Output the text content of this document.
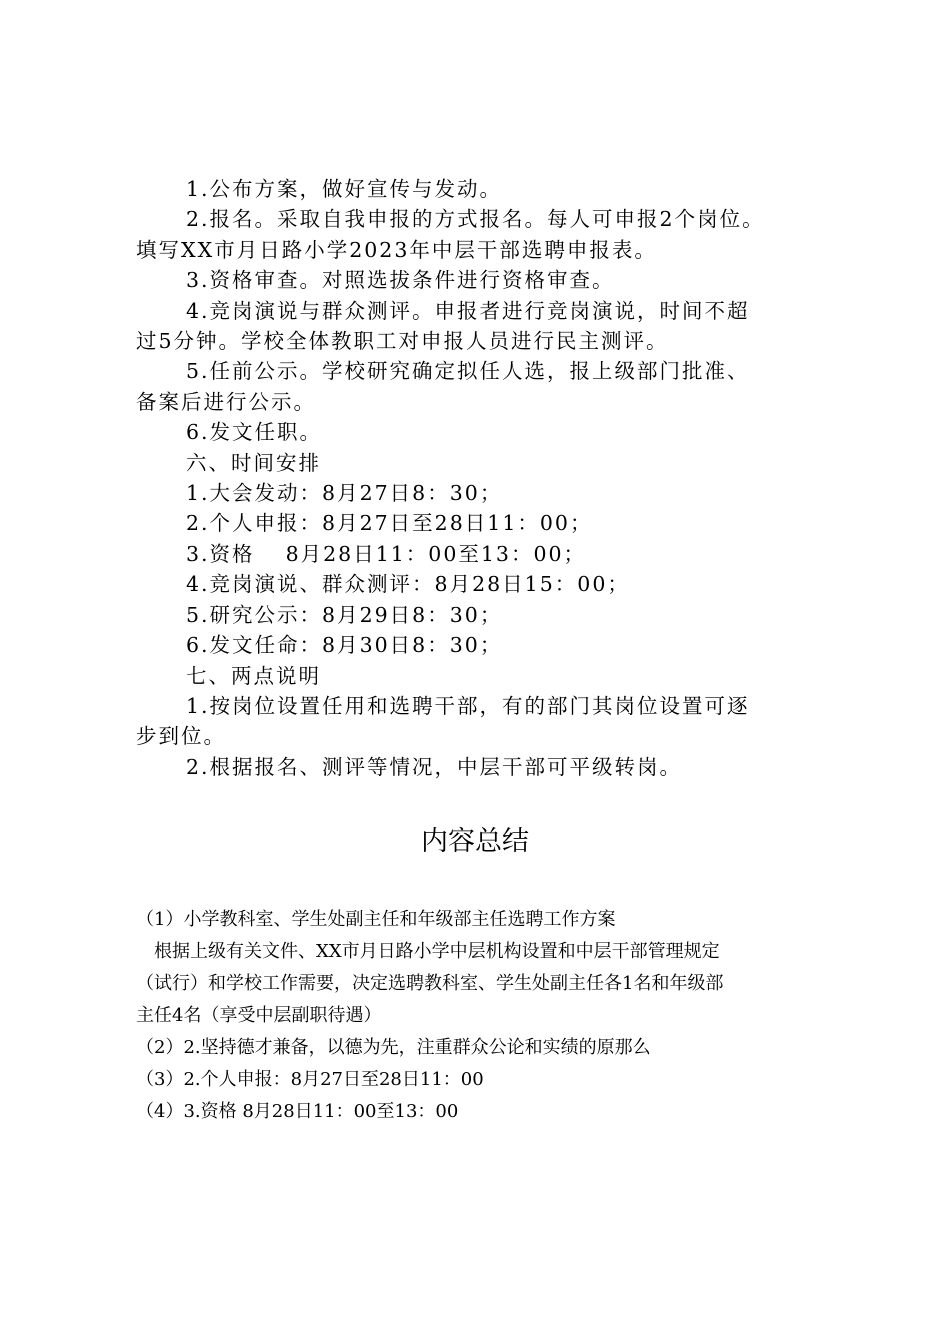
1.公布方案，做好宣传与发动。

2.报名。采取自我申报的方式报名。每人可申报2个岗位。

填写XX市月日路小学2023年中层干部选聘申报表。

3.资格审查。对照选拔条件进行资格审查。

4.竞岗演说与群众测评。申报者进行竞岗演说，时间不超

过5分钟。学校全体教职工对申报人员进行民主测评。

5.任前公示。学校研究确定拟任人选，报上级部门批准、

备案后进行公示。

6.发文任职。

六、时间安排

1.大会发动：8月27日8：30；

2.个人申报：8月27日至28日11：00；

3.资格  8月28日11：00至13：00；

4.竞岗演说、群众测评：8月28日15：00；

5.研究公示：8月29日8：30；

6.发文任命：8月30日8：30；

七、两点说明

1.按岗位设置任用和选聘干部，有的部门其岗位设置可逐

步到位。

2.根据报名、测评等情况，中层干部可平级转岗。

内容总结

（1）小学教科室、学生处副主任和年级部主任选聘工作方案

根据上级有关文件、XX市月日路小学中层机构设置和中层干部管理规定

（试行）和学校工作需要，决定选聘教科室、学生处副主任各1名和年级部

主任4名（享受中层副职待遇）

（2）2.坚持德才兼备，以德为先，注重群众公论和实绩的原那么

（3）2.个人申报：8月27日至28日11：00

（4）3.资格 8月28日11：00至13：00
